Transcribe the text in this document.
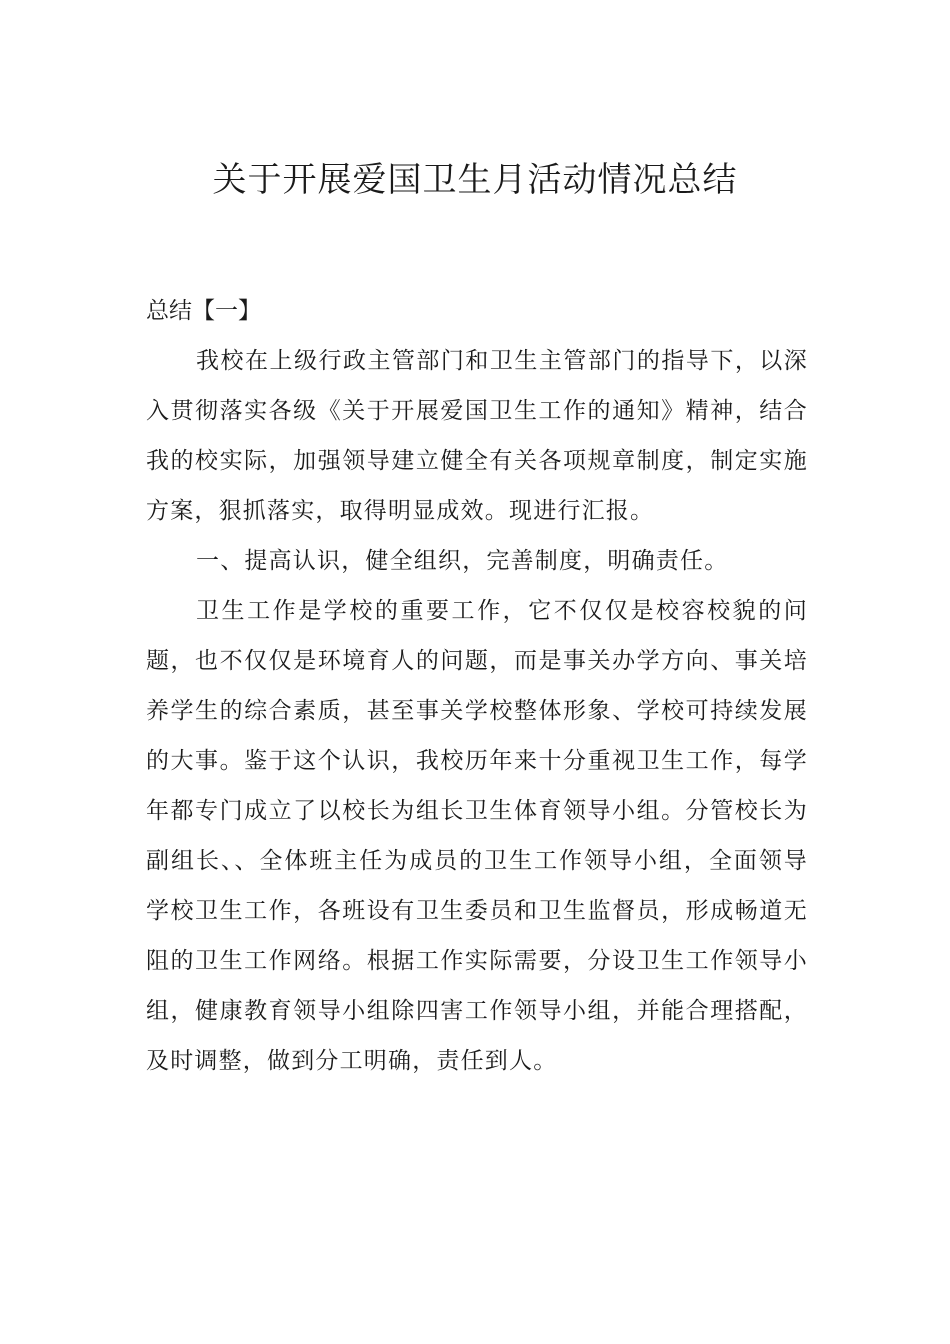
关于开展爱国卫生月活动情况总结

总结【一】

我校在上级行政主管部门和卫生主管部门的指导下，以深入贯彻落实各级《关于开展爱国卫生工作的通知》精神，结合我的校实际，加强领导建立健全有关各项规章制度，制定实施方案，狠抓落实，取得明显成效。现进行汇报。

一、提高认识，健全组织，完善制度，明确责任。

卫生工作是学校的重要工作，它不仅仅是校容校貌的问题，也不仅仅是环境育人的问题，而是事关办学方向、事关培养学生的综合素质，甚至事关学校整体形象、学校可持续发展的大事。鉴于这个认识，我校历年来十分重视卫生工作，每学年都专门成立了以校长为组长卫生体育领导小组。分管校长为副组长、、全体班主任为成员的卫生工作领导小组，全面领导学校卫生工作，各班设有卫生委员和卫生监督员，形成畅道无阻的卫生工作网络。根据工作实际需要，分设卫生工作领导小组，健康教育领导小组除四害工作领导小组，并能合理搭配，及时调整，做到分工明确，责任到人。
